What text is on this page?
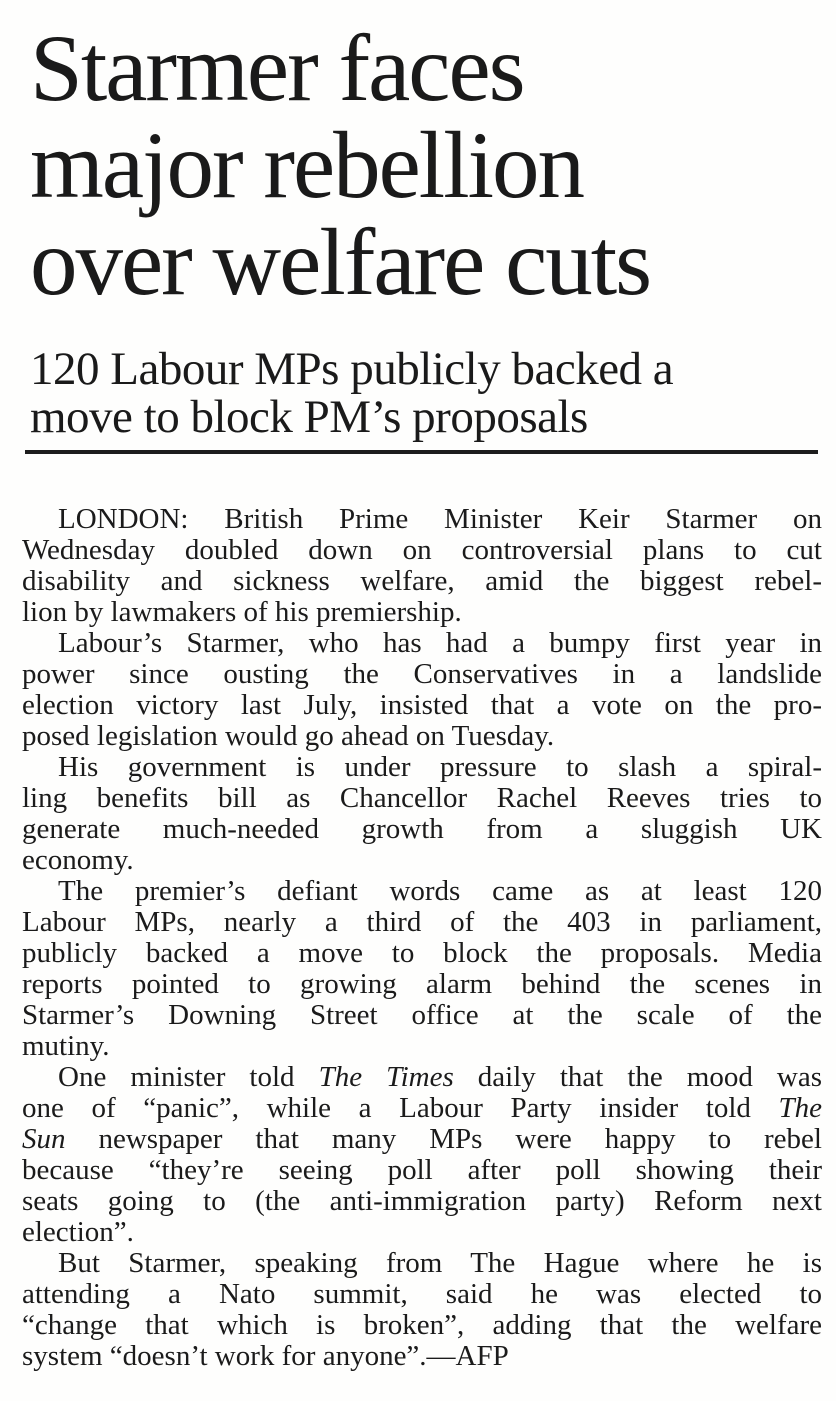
Starmer faces
major rebellion
over welfare cuts
120 Labour MPs publicly backed a
move to block PM’s proposals
LONDON: British Prime Minister Keir Starmer on
Wednesday doubled down on controversial plans to cut
disability and sickness welfare, amid the biggest rebel-
lion by lawmakers of his premiership.
Labour’s Starmer, who has had a bumpy first year in
power since ousting the Conservatives in a landslide
election victory last July, insisted that a vote on the pro-
posed legislation would go ahead on Tuesday.
His government is under pressure to slash a spiral-
ling benefits bill as Chancellor Rachel Reeves tries to
generate much-needed growth from a sluggish UK
economy.
The premier’s defiant words came as at least 120
Labour MPs, nearly a third of the 403 in parliament,
publicly backed a move to block the proposals. Media
reports pointed to growing alarm behind the scenes in
Starmer’s Downing Street office at the scale of the
mutiny.
One minister told The Times daily that the mood was
one of “panic”, while a Labour Party insider told The
Sun newspaper that many MPs were happy to rebel
because “they’re seeing poll after poll showing their
seats going to (the anti-immigration party) Reform next
election”.
But Starmer, speaking from The Hague where he is
attending a Nato summit, said he was elected to
“change that which is broken”, adding that the welfare
system “doesn’t work for anyone”.—AFP
